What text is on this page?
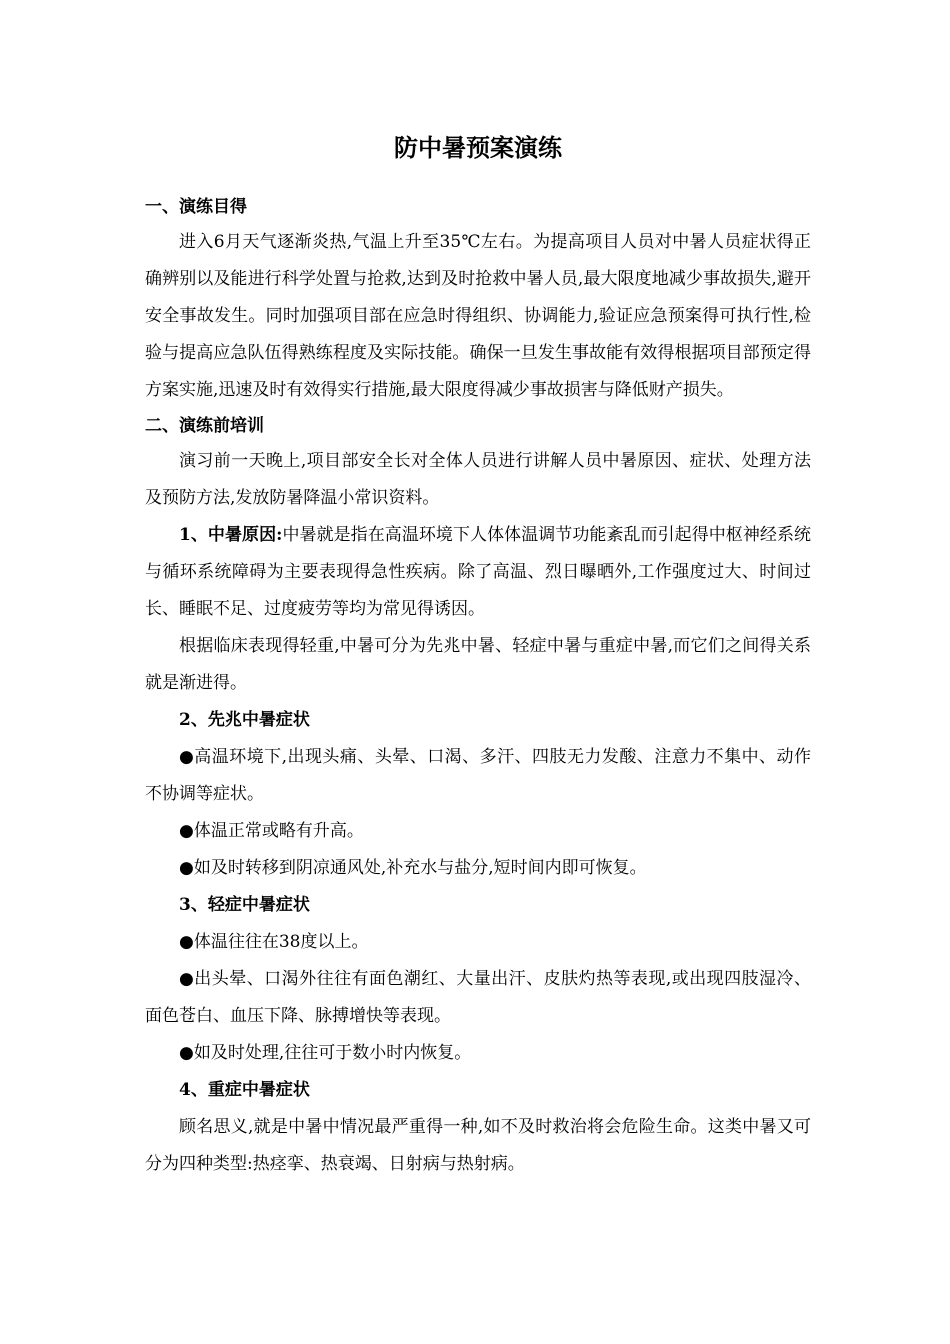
防中暑预案演练
一、演练目得

进入6月天气逐渐炎热,气温上升至35℃左右。为提高项目人员对中暑人员症状得正确辨别以及能进行科学处置与抢救,达到及时抢救中暑人员,最大限度地减少事故损失,避开安全事故发生。同时加强项目部在应急时得组织、协调能力,验证应急预案得可执行性,检验与提高应急队伍得熟练程度及实际技能。确保一旦发生事故能有效得根据项目部预定得方案实施,迅速及时有效得实行措施,最大限度得减少事故损害与降低财产损失。

二、演练前培训

演习前一天晚上,项目部安全长对全体人员进行讲解人员中暑原因、症状、处理方法及预防方法,发放防暑降温小常识资料。

1、中暑原因:中暑就是指在高温环境下人体体温调节功能紊乱而引起得中枢神经系统与循环系统障碍为主要表现得急性疾病。除了高温、烈日曝晒外,工作强度过大、时间过长、睡眠不足、过度疲劳等均为常见得诱因。

根据临床表现得轻重,中暑可分为先兆中暑、轻症中暑与重症中暑,而它们之间得关系就是渐进得。

2、先兆中暑症状

●高温环境下,出现头痛、头晕、口渴、多汗、四肢无力发酸、注意力不集中、动作不协调等症状。

●体温正常或略有升高。

●如及时转移到阴凉通风处,补充水与盐分,短时间内即可恢复。

3、轻症中暑症状

●体温往往在38度以上。

●出头晕、口渴外往往有面色潮红、大量出汗、皮肤灼热等表现,或出现四肢湿冷、面色苍白、血压下降、脉搏增快等表现。

●如及时处理,往往可于数小时内恢复。

4、重症中暑症状

顾名思义,就是中暑中情况最严重得一种,如不及时救治将会危险生命。这类中暑又可分为四种类型:热痉挛、热衰竭、日射病与热射病。
